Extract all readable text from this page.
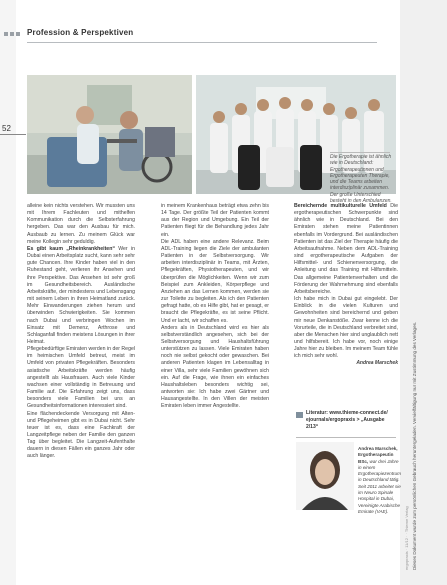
Profession & Perspektiven
52
Die Ergotherapie ist ähnlich wie in Deutschland: Ergotherapeutinnen und Ergotherapeuten Therapie, und die Teams arbeiten interdisziplinär zusammen. Der große Unterschied besteht in den Ambulanzen.

alleine kein nichts verstehen. Wir mussten uns mit Ihrem Fachleuten und mithelfen Kommunikation durch die Selbsterfahrung hergeben. Das war den Ausbau für mich. Ausbaub zu lernen. Zu meinem Glück war meine Kollegin sehr geduldig.

Es gibt kaum „Rheinkrankheiten“ Wer in Dubai einen Arbeitsplatz sucht, kann sehr sehr gute Chancen. Ihre Kinder haben viel in den Ruhestand geht, verlieren ihr Ansehen und ihre Perspektive. Das Ansehen ist sehr groß im Gesundheitsbereich. Ausländische Arbeitskräfte, der mindestens und Lebensgang mit seinem Leben in ihren Heimatland zurück. Mehr Einwanderungen ziehen herum und überwinden Schwierigkeiten. Sie kommen nach Dubai und verbringen Wochen im Einsatz mit Demenz, Arthrose und Schlaganfall finden meistens Lösungen in ihrer Heimat.

Pflegebedürftige Emiraten werden in der Regel im heimischen Umfeld betreut, meist im Umfeld von privaten Pflegekräften. Besonders asiatische Arbeitskräfte werden häufig angestellt als Hausfrauen. Auch viele Kinder wachsen einer vollständig in Betreuung und Familie auf. Die Erfahrung zeigt uns, dass besonders viele Familien bei uns an Gesundheitsinformationen interessiert sind.

Eine flächendeckende Versorgung mit Alten- und Pflegeheimen gibt es in Dubai nicht. Sehr teuer ist es, dass eine Fachkraft der Langzeitpflege neben der Familie den ganzen Tag über begleitet. Die Langzeit-Aufenthalte dauern in diesen Fällen ein ganzes Jahr oder auch länger.

in meinem Krankenhaus beträgt etwa zehn bis 14 Tage. Der größte Teil der Patienten kommt aus der Region und Umgebung. Ein Teil der Patienten fliegt für die Behandlung jedes Jahr ein.

Die ADL haben eine andere Relevanz. Beim ADL-Training liegen die Ziele der ambulanten Patienten in der Selbstversorgung. Wir arbeiten interdisziplinär in Teams, mit Ärzten, Pflegekräften, Physiotherapeuten, und wir überprüfen die Möglichkeiten. Wenn wir zum Beispiel zum Ankleiden, Körperpflege und Anziehen an das Lernen kommen, werden sie zur Toilette zu begleiten. Als ich den Patienten gefragt hatte, ob es Hilfe gibt, hat er gesagt, er braucht die Pflegekräfte, es ist seine Pflicht. Und er lacht, wir schaffen es.

Anders als in Deutschland wird es hier als selbstverständlich angesehen, sich bei der Selbstversorgung und Haushaltsführung unterstützen zu lassen. Viele Emiraten haben noch nie selbst gekocht oder gewaschen. Bei anderen Patienten klagen im Lebensalltag in einer Villa, sehr viele Familien gewöhnen sich ein. Auf die Frage, wie ihnen ein einfaches Haushaltsleben besonders wichtig sei, antworten sie: Ich habe zwei Gärtner und Hausangestellte. In den Villen der meisten Emiraten leben immer Angestellte.

Bereichernde multikulturelle Umfeld Die ergotherapeutischen Schwerpunkte sind ähnlich wie in Deutschland. Bei den Emiraten stehen meine Patientinnen ebenfalls im Vordergrund. Bei ausländischen Patienten ist das Ziel der Therapie häufig die Arbeitsaufnahme. Neben dem ADL-Training sind ergotherapeutische Aufgaben der Hilfsmittel- und Schienenversorgung, die Anleitung und das Training mit Hilfsmitteln. Das allgemeine Patientenverhalten und die Förderung der Wahrnehmung sind ebenfalls Arbeitsbereiche.

Ich habe mich in Dubai gut eingelebt. Der Einblick in die vielen Kulturen und Gewohnheiten sind bereichernd und geben mir neue Denkanstöße. Zwar kenne ich die Vorurteile, die in Deutschland verbreitet sind, aber die Menschen hier sind unglaublich nett und hilfsbereit. Ich habe vor, noch einige Jahre hier zu bleiben. Im meinem Team fühle ich mich sehr wohl.

Andrea Marschek
Literatur: www.thieme-connect.de/ ejournals/ergopraxis > „Ausgabe 2/13“
Andrea Marschek, Ergotherapeutin BSc, war drei Jahre in einem Ergotherapiezentrum in Deutschland tätig. Seit 2011 arbeitet sie im Neuro Spinale Hospital in Dubai, Vereinigte Arabische Emirate (VAE).	Dieses Dokument wurde zum persönlichen Gebrauch heruntergeladen. Vervielfältigung nur mit Zustimmung des Verlages.
ergopraxis · 11/12 · · Thieme Verlag
